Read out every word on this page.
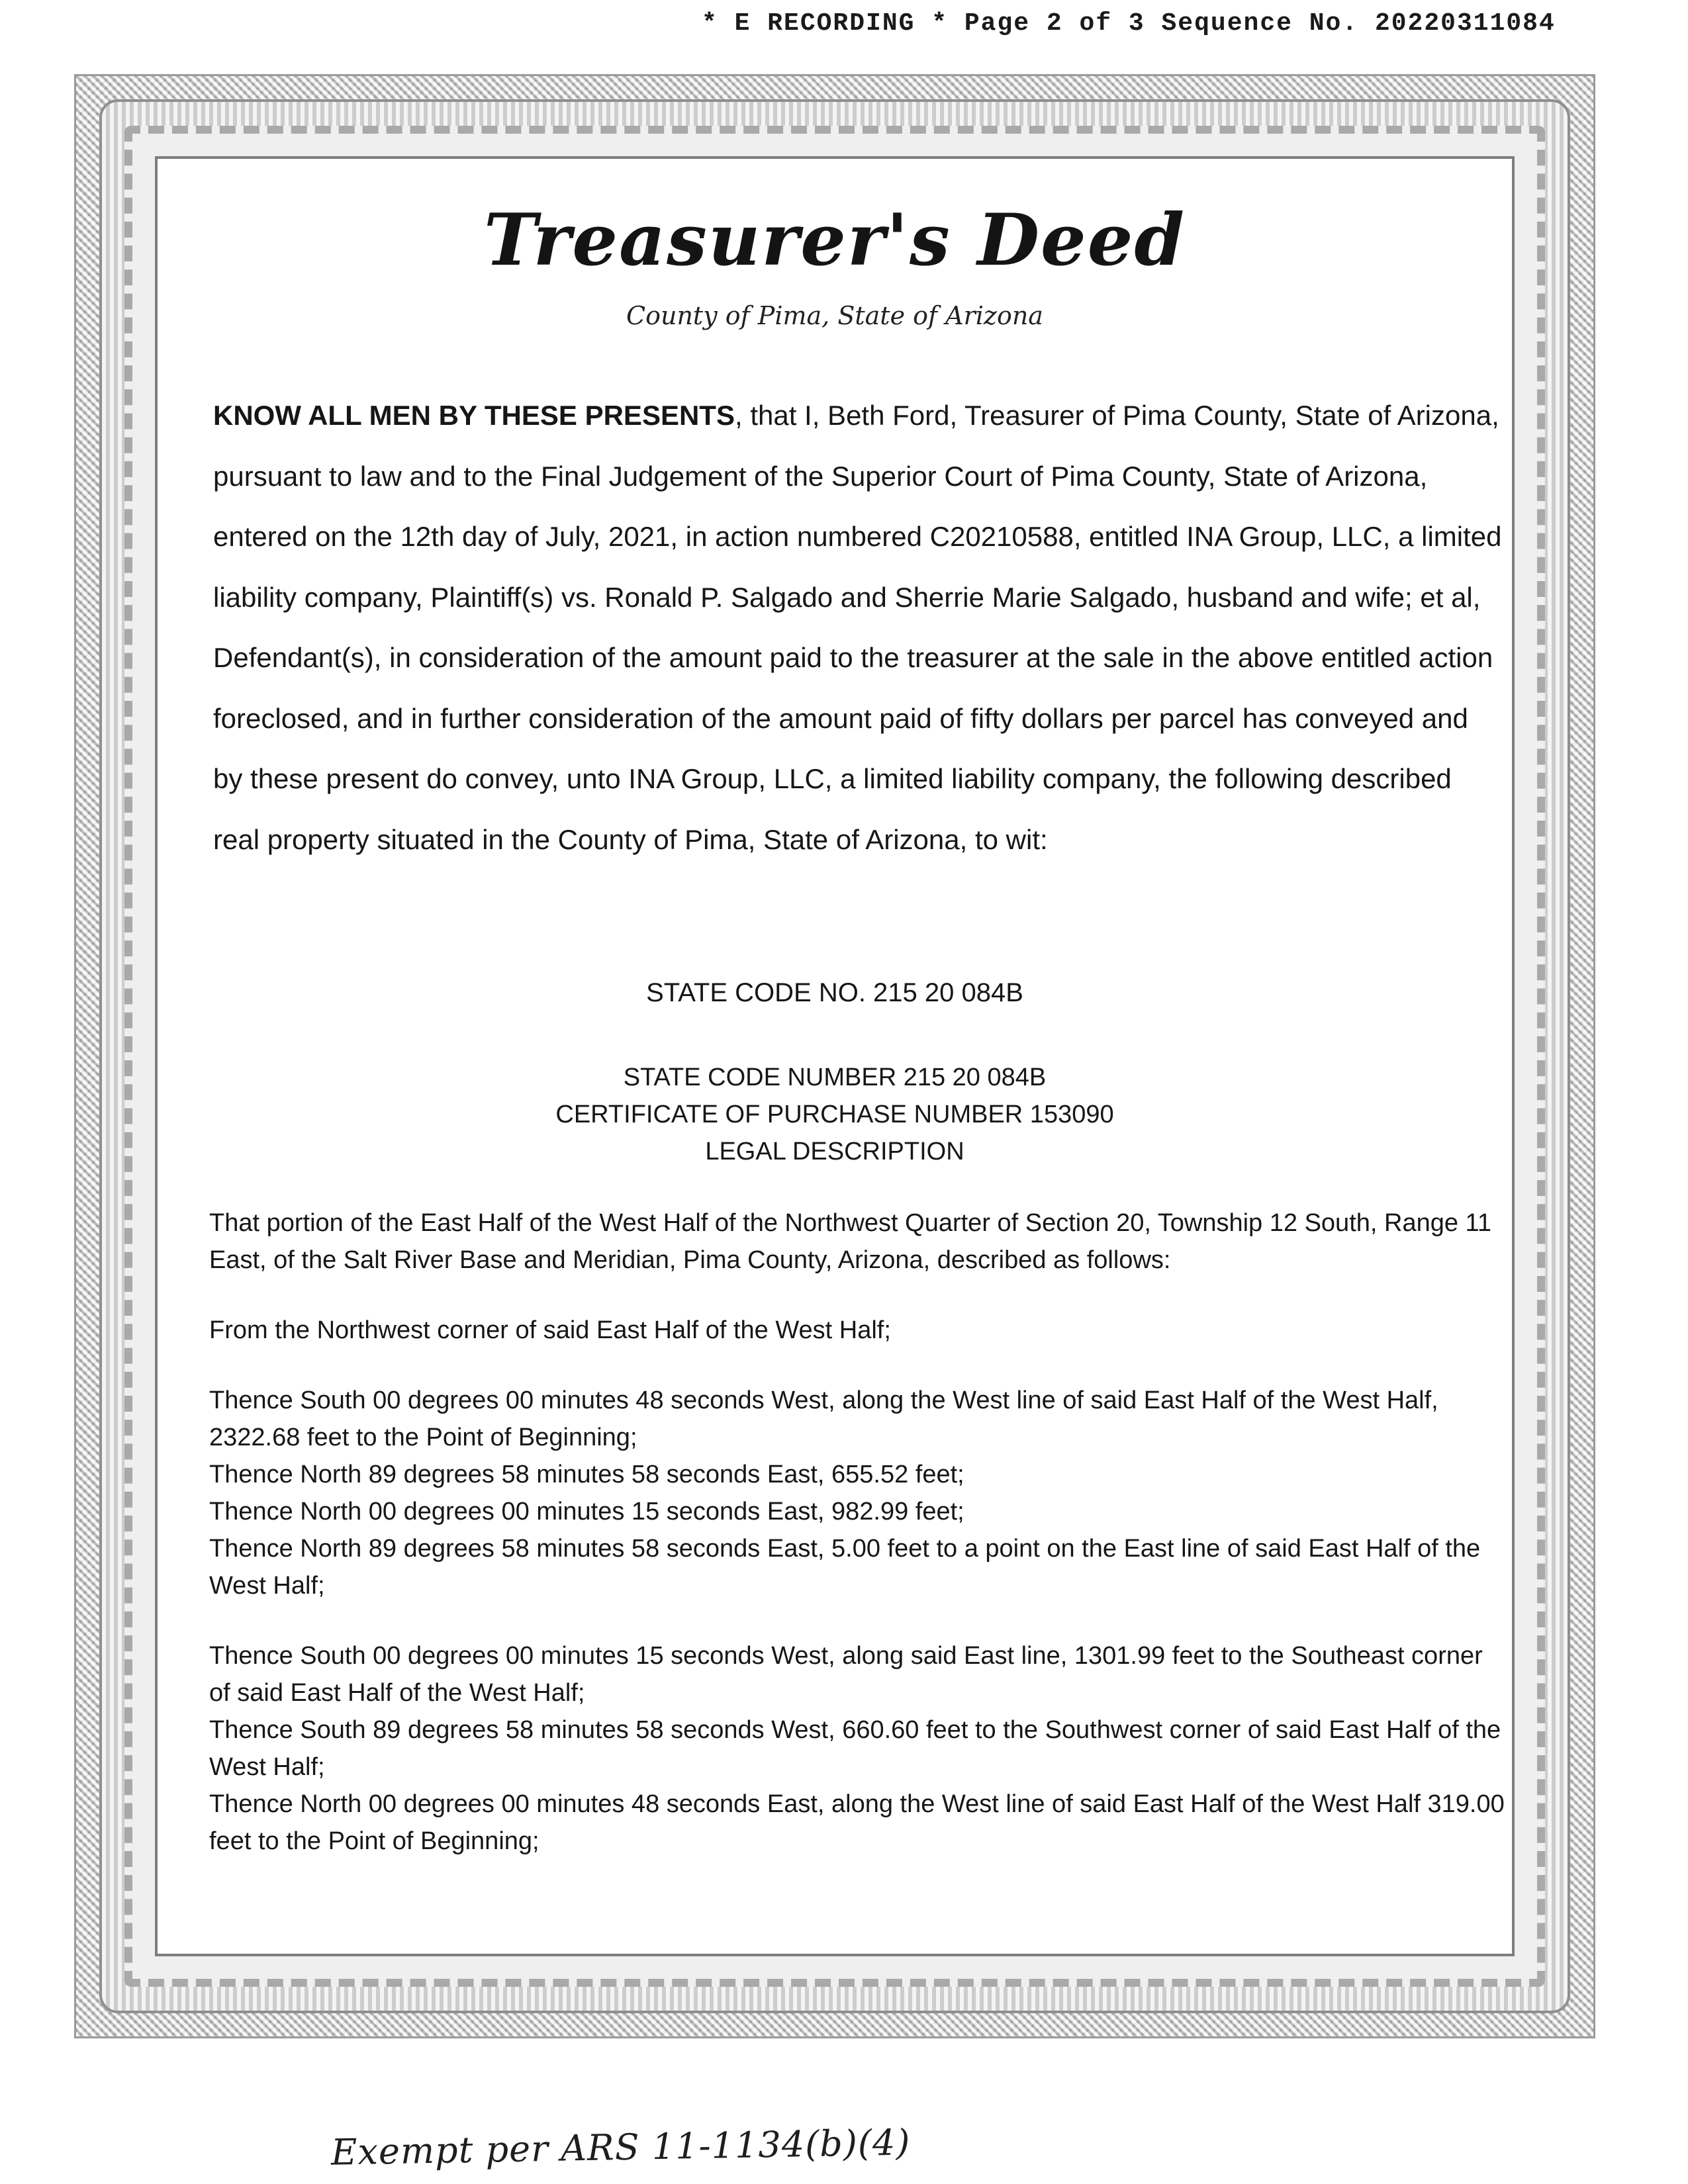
* E RECORDING * Page 2 of 3 Sequence No. 20220311084
Treasurer's Deed
County of Pima, State of Arizona

KNOW ALL MEN BY THESE PRESENTS, that I, Beth Ford, Treasurer of Pima County, State of Arizona, pursuant to law and to the Final Judgement of the Superior Court of Pima County, State of Arizona, entered on the 12th day of July, 2021, in action numbered C20210588, entitled INA Group, LLC, a limited liability company, Plaintiff(s) vs. Ronald P. Salgado and Sherrie Marie Salgado, husband and wife; et al, Defendant(s), in consideration of the amount paid to the treasurer at the sale in the above entitled action foreclosed, and in further consideration of the amount paid of fifty dollars per parcel has conveyed and by these present do convey, unto INA Group, LLC, a limited liability company, the following described real property situated in the County of Pima, State of Arizona, to wit:

STATE CODE NO. 215 20 084B
STATE CODE NUMBER 215 20 084B
CERTIFICATE OF PURCHASE NUMBER 153090
LEGAL DESCRIPTION

That portion of the East Half of the West Half of the Northwest Quarter of Section 20, Township 12 South, Range 11 East, of the Salt River Base and Meridian, Pima County, Arizona, described as follows:

From the Northwest corner of said East Half of the West Half;

Thence South 00 degrees 00 minutes 48 seconds West, along the West line of said East Half of the West Half, 2322.68 feet to the Point of Beginning;

Thence North 89 degrees 58 minutes 58 seconds East, 655.52 feet;

Thence North 00 degrees 00 minutes 15 seconds East, 982.99 feet;

Thence North 89 degrees 58 minutes 58 seconds East, 5.00 feet to a point on the East line of said East Half of the West Half;

Thence South 00 degrees 00 minutes 15 seconds West, along said East line, 1301.99 feet to the Southeast corner of said East Half of the West Half;

Thence South 89 degrees 58 minutes 58 seconds West, 660.60 feet to the Southwest corner of said East Half of the West Half;

Thence North 00 degrees 00 minutes 48 seconds East, along the West line of said East Half of the West Half 319.00 feet to the Point of Beginning;

Exempt per ARS 11-1134(b)(4)
